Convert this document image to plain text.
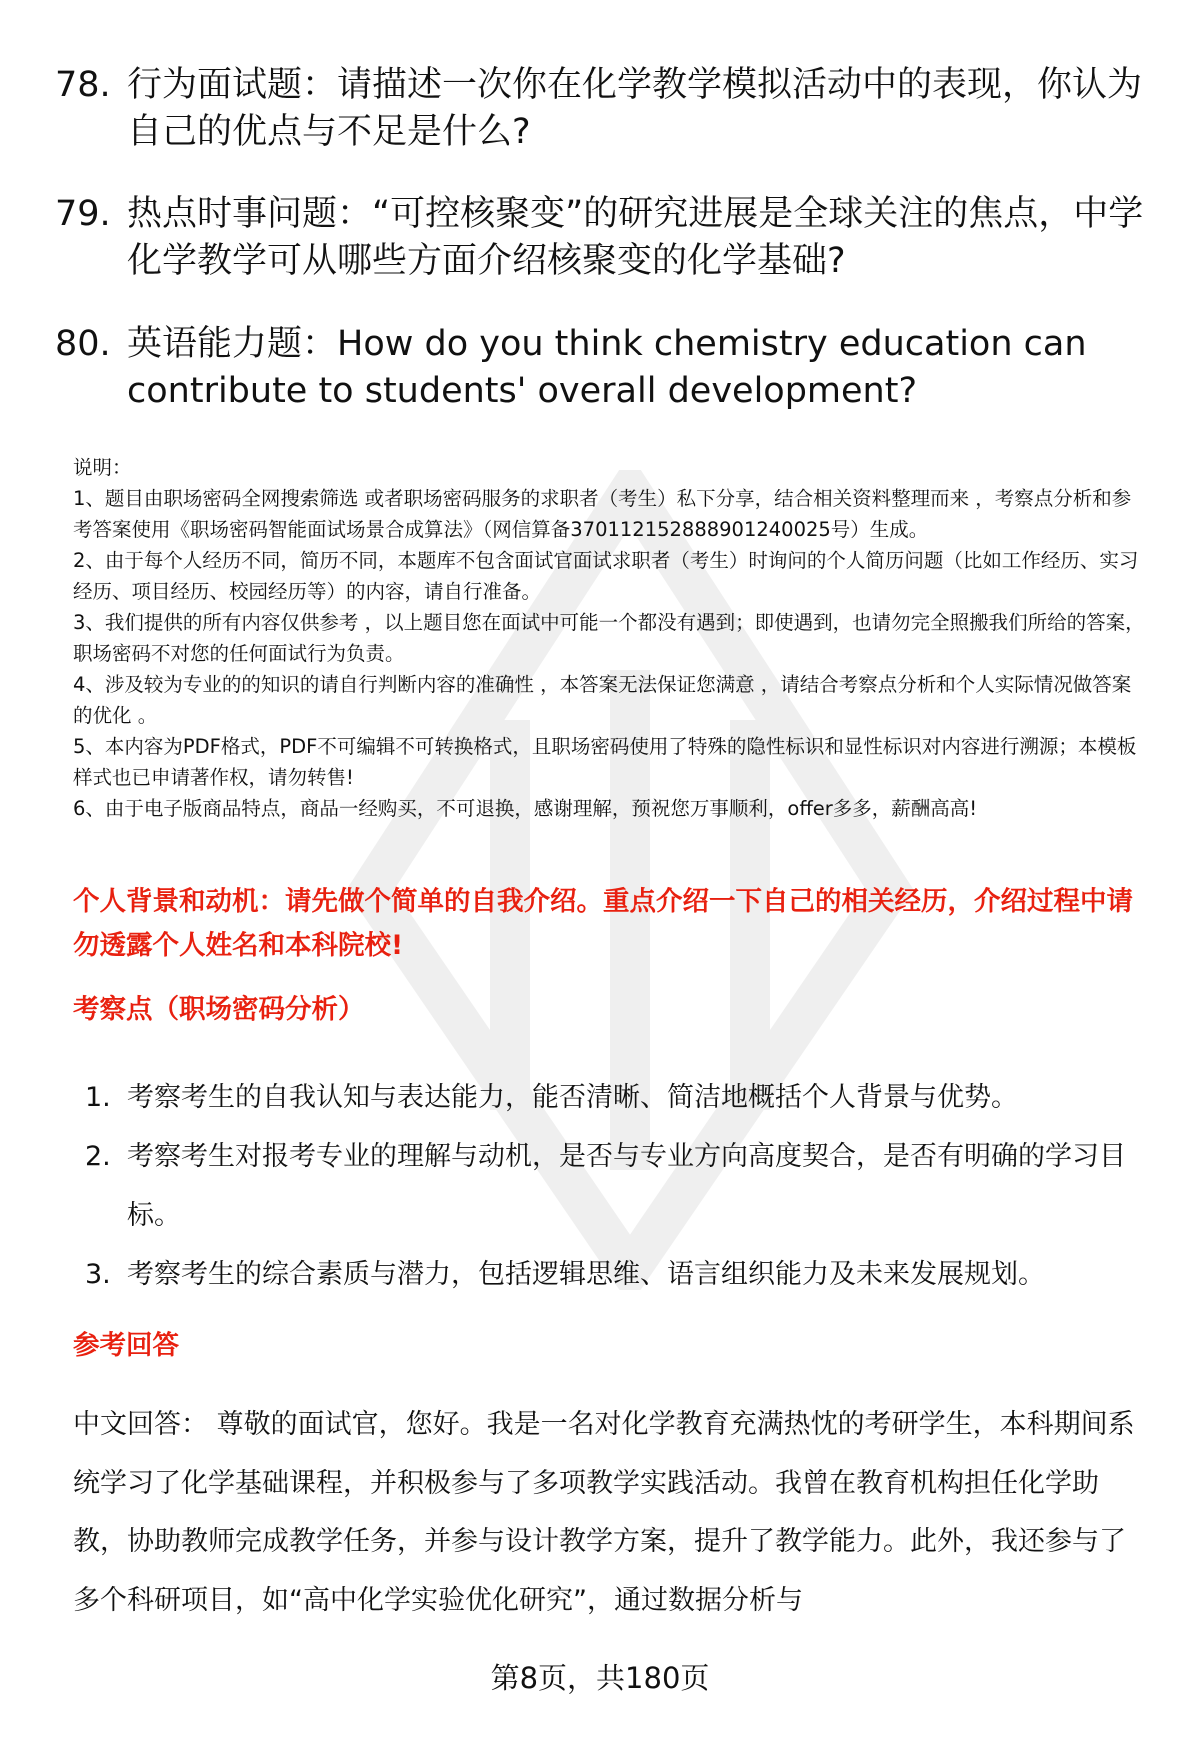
78. 行为面试题：请描述一次你在化学教学模拟活动中的表现，你认为自己的优点与不足是什么?
79. 热点时事问题：“可控核聚变”的研究进展是全球关注的焦点，中学化学教学可从哪些方面介绍核聚变的化学基础?
80. 英语能力题：How do you think chemistry education can contribute to students' overall development?
说明：
1、题目由职场密码全网搜索筛选 或者职场密码服务的求职者（考生）私下分享，结合相关资料整理而来 ，考察点分析和参考答案使用《职场密码智能面试场景合成算法》（网信算备370112152888901240025号）生成。
2、由于每个人经历不同，简历不同，本题库不包含面试官面试求职者（考生）时询问的个人简历问题（比如工作经历、实习经历、项目经历、校园经历等）的内容，请自行准备。
3、我们提供的所有内容仅供参考 ，以上题目您在面试中可能一个都没有遇到；即使遇到，也请勿完全照搬我们所给的答案，职场密码不对您的任何面试行为负责。
4、涉及较为专业的的知识的请自行判断内容的准确性 ，本答案无法保证您满意 ，请结合考察点分析和个人实际情况做答案的优化 。
5、本内容为PDF格式，PDF不可编辑不可转换格式，且职场密码使用了特殊的隐性标识和显性标识对内容进行溯源；本模板样式也已申请著作权，请勿转售!
6、由于电子版商品特点，商品一经购买，不可退换，感谢理解，预祝您万事顺利，offer多多，薪酬高高!
个人背景和动机：请先做个简单的自我介绍。重点介绍一下自己的相关经历，介绍过程中请勿透露个人姓名和本科院校!
考察点（职场密码分析）
1. 考察考生的自我认知与表达能力，能否清晰、简洁地概括个人背景与优势。
2. 考察考生对报考专业的理解与动机，是否与专业方向高度契合，是否有明确的学习目标。
3. 考察考生的综合素质与潜力，包括逻辑思维、语言组织能力及未来发展规划。
参考回答
中文回答： 尊敬的面试官，您好。我是一名对化学教育充满热忱的考研学生，本科期间系统学习了化学基础课程，并积极参与了多项教学实践活动。我曾在教育机构担任化学助教，协助教师完成教学任务，并参与设计教学方案，提升了教学能力。此外，我还参与了多个科研项目，如“高中化学实验优化研究”，通过数据分析与
第8页，共180页
